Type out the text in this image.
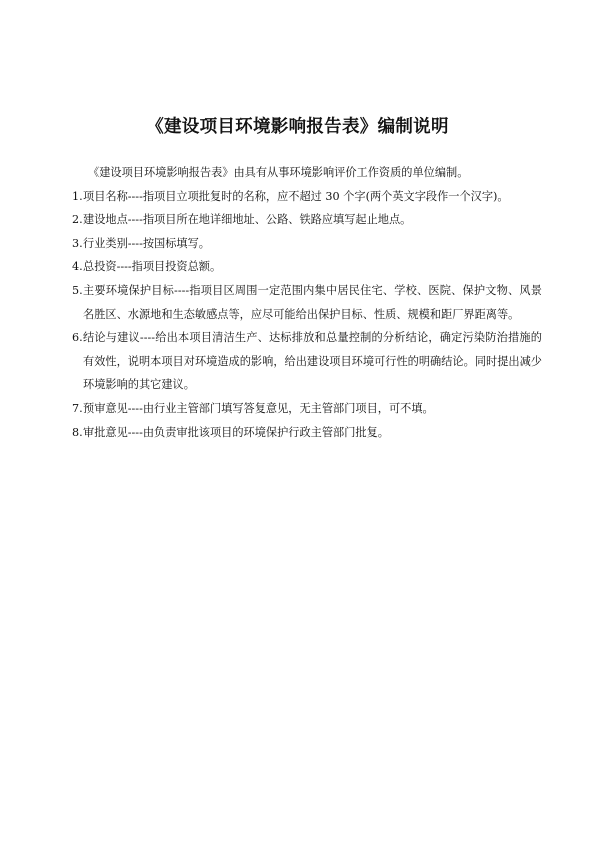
《建设项目环境影响报告表》编制说明

《建设项目环境影响报告表》由具有从事环境影响评价工作资质的单位编制。

1. 项目名称----指项目立项批复时的名称，应不超过 30 个字(两个英文字段作一个汉字)。
2. 建设地点----指项目所在地详细地址、公路、铁路应填写起止地点。
3. 行业类别----按国标填写。
4. 总投资----指项目投资总额。
5. 主要环境保护目标----指项目区周围一定范围内集中居民住宅、学校、医院、保护文物、风景名胜区、水源地和生态敏感点等，应尽可能给出保护目标、性质、规模和距厂界距离等。
6. 结论与建议----给出本项目清洁生产、达标排放和总量控制的分析结论，确定污染防治措施的有效性，说明本项目对环境造成的影响，给出建设项目环境可行性的明确结论。同时提出减少环境影响的其它建议。
7. 预审意见----由行业主管部门填写答复意见，无主管部门项目，可不填。
8. 审批意见----由负责审批该项目的环境保护行政主管部门批复。
